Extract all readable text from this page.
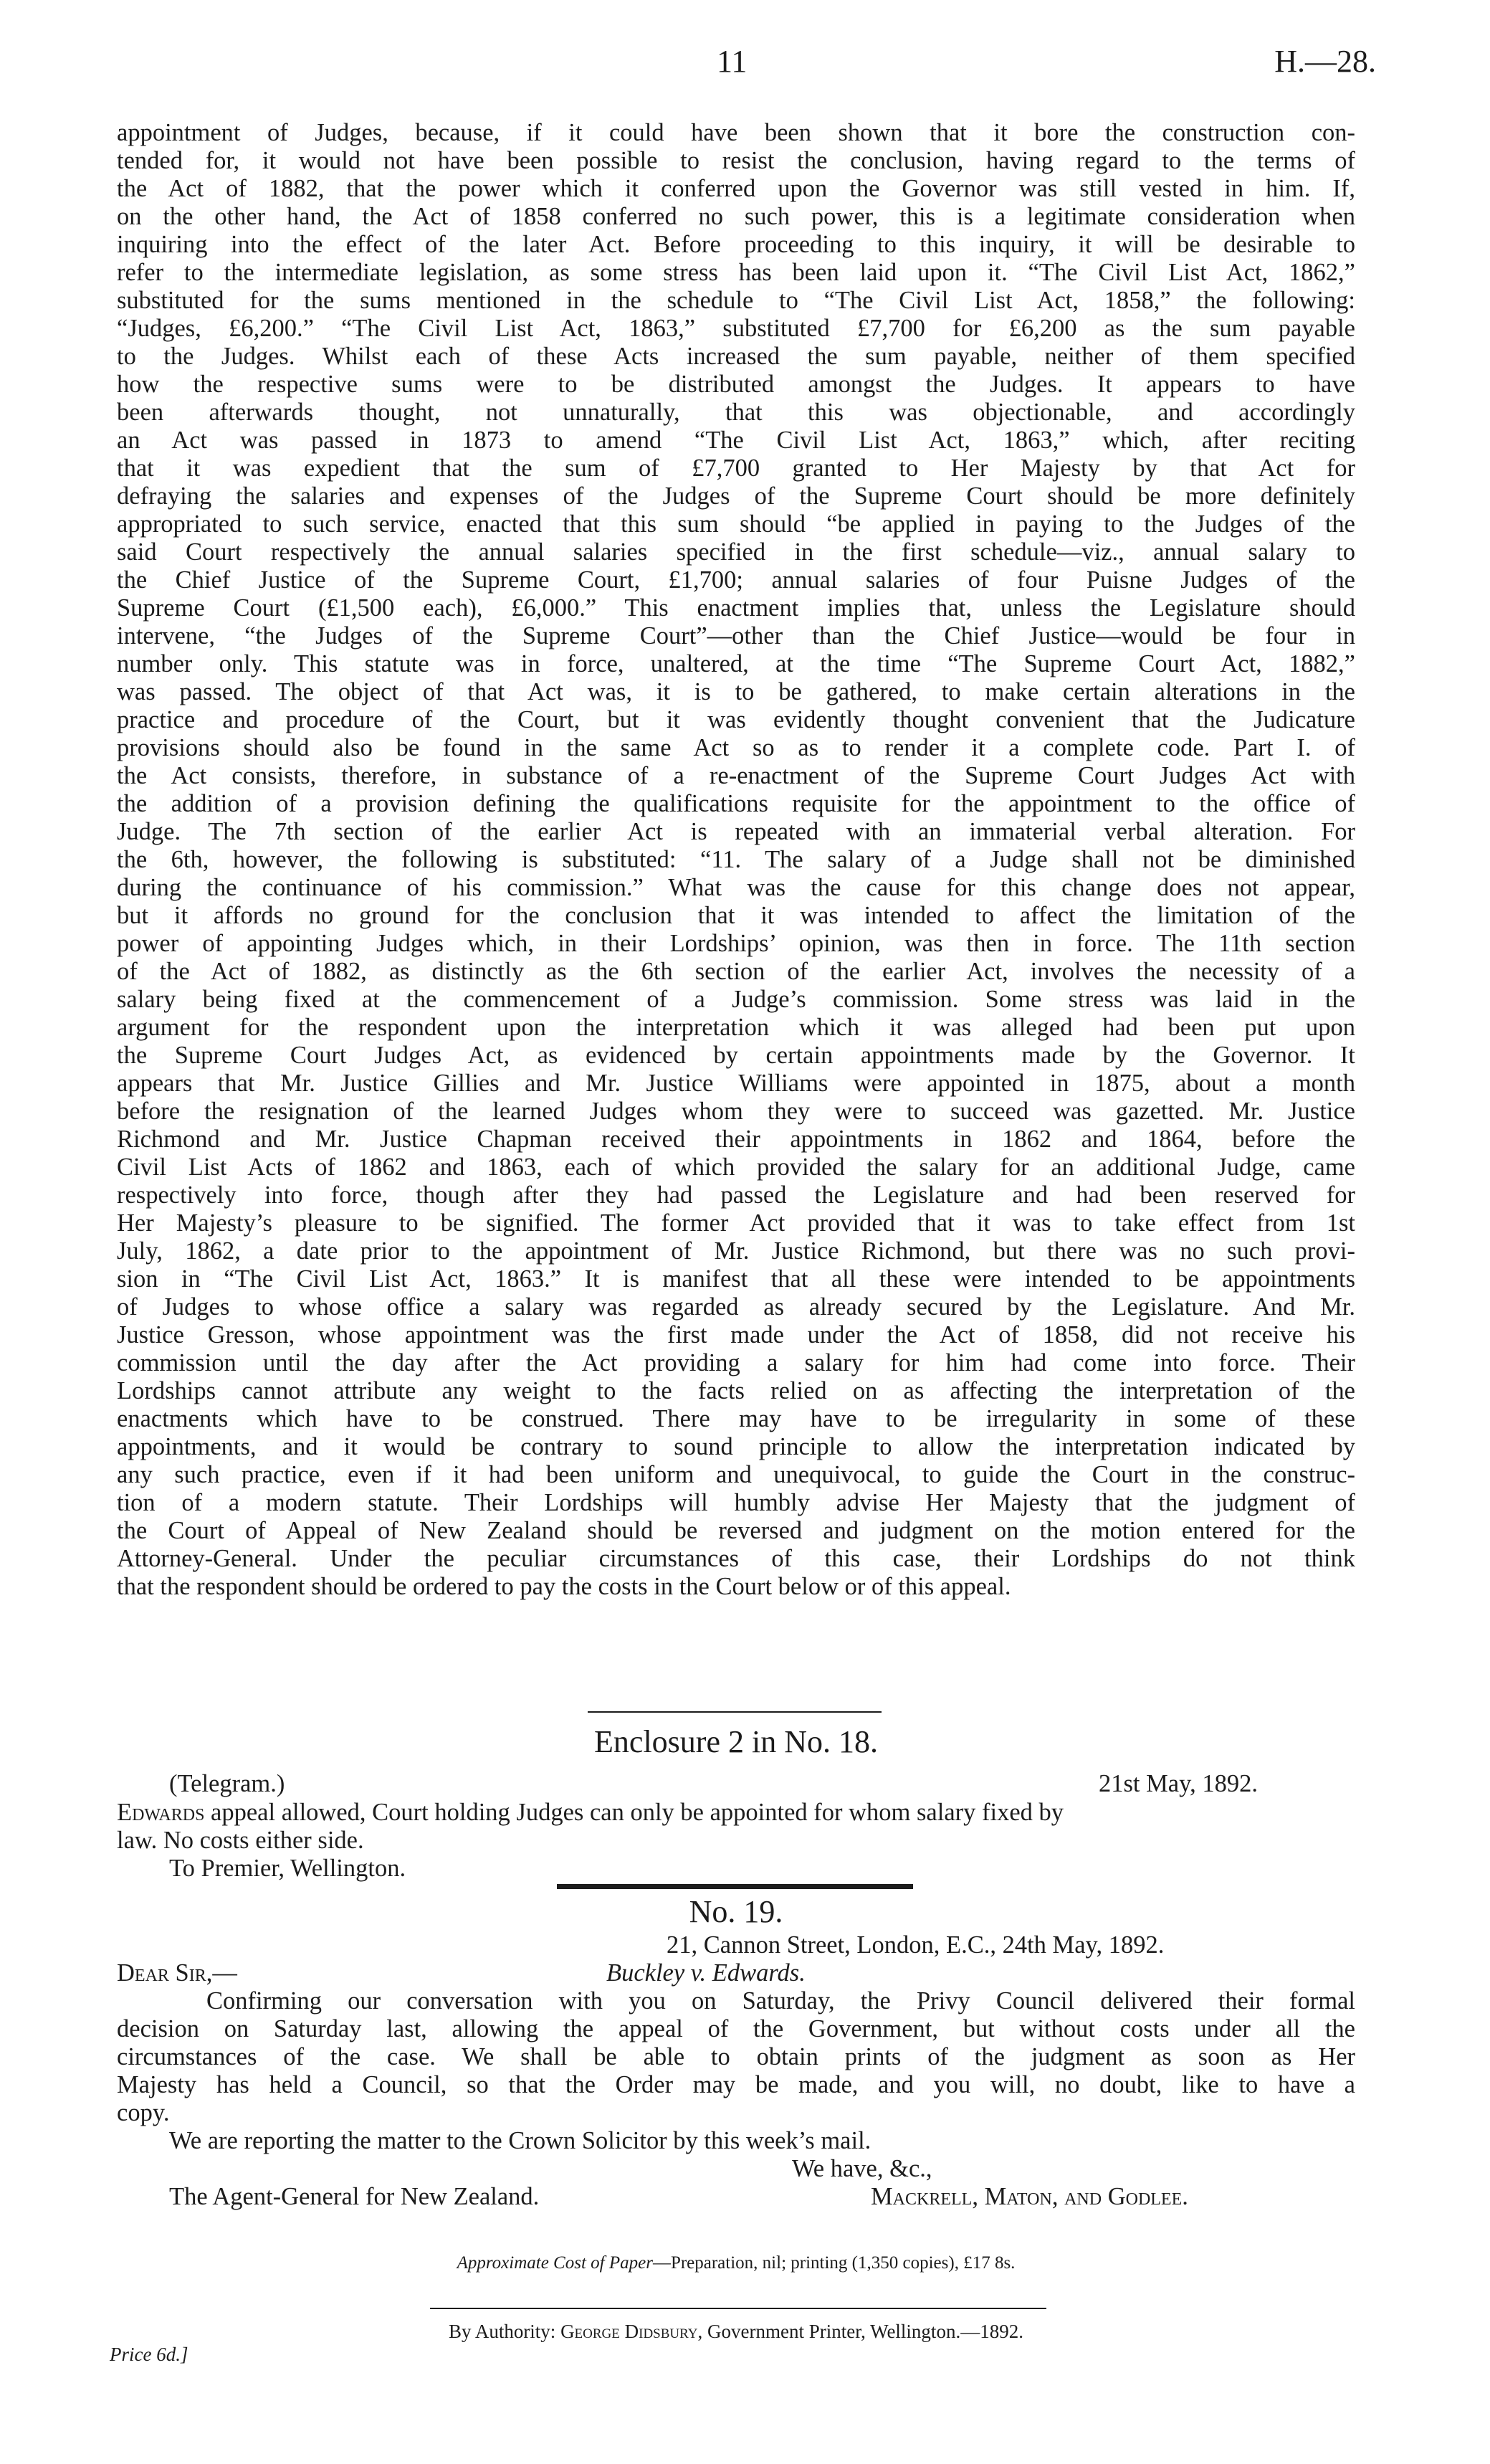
11	H.—28.
appointment of Judges, because, if it could have been shown that it bore the construction con-
tended for, it would not have been possible to resist the conclusion, having regard to the terms of
the Act of 1882, that the power which it conferred upon the Governor was still vested in him. If,
on the other hand, the Act of 1858 conferred no such power, this is a legitimate consideration when
inquiring into the effect of the later Act. Before proceeding to this inquiry, it will be desirable to
refer to the intermediate legislation, as some stress has been laid upon it. “The Civil List Act, 1862,”
substituted for the sums mentioned in the schedule to “The Civil List Act, 1858,” the following:
“Judges, £6,200.” “The Civil List Act, 1863,” substituted £7,700 for £6,200 as the sum payable
to the Judges. Whilst each of these Acts increased the sum payable, neither of them specified
how the respective sums were to be distributed amongst the Judges. It appears to have
been afterwards thought, not unnaturally, that this was objectionable, and accordingly
an Act was passed in 1873 to amend “The Civil List Act, 1863,” which, after reciting
that it was expedient that the sum of £7,700 granted to Her Majesty by that Act for
defraying the salaries and expenses of the Judges of the Supreme Court should be more definitely
appropriated to such service, enacted that this sum should “be applied in paying to the Judges of the
said Court respectively the annual salaries specified in the first schedule—viz., annual salary to
the Chief Justice of the Supreme Court, £1,700; annual salaries of four Puisne Judges of the
Supreme Court (£1,500 each), £6,000.” This enactment implies that, unless the Legislature should
intervene, “the Judges of the Supreme Court”—other than the Chief Justice—would be four in
number only. This statute was in force, unaltered, at the time “The Supreme Court Act, 1882,”
was passed. The object of that Act was, it is to be gathered, to make certain alterations in the
practice and procedure of the Court, but it was evidently thought convenient that the Judicature
provisions should also be found in the same Act so as to render it a complete code. Part I. of
the Act consists, therefore, in substance of a re-enactment of the Supreme Court Judges Act with
the addition of a provision defining the qualifications requisite for the appointment to the office of
Judge. The 7th section of the earlier Act is repeated with an immaterial verbal alteration. For
the 6th, however, the following is substituted: “11. The salary of a Judge shall not be diminished
during the continuance of his commission.” What was the cause for this change does not appear,
but it affords no ground for the conclusion that it was intended to affect the limitation of the
power of appointing Judges which, in their Lordships’ opinion, was then in force. The 11th section
of the Act of 1882, as distinctly as the 6th section of the earlier Act, involves the necessity of a
salary being fixed at the commencement of a Judge’s commission. Some stress was laid in the
argument for the respondent upon the interpretation which it was alleged had been put upon
the Supreme Court Judges Act, as evidenced by certain appointments made by the Governor. It
appears that Mr. Justice Gillies and Mr. Justice Williams were appointed in 1875, about a month
before the resignation of the learned Judges whom they were to succeed was gazetted. Mr. Justice
Richmond and Mr. Justice Chapman received their appointments in 1862 and 1864, before the
Civil List Acts of 1862 and 1863, each of which provided the salary for an additional Judge, came
respectively into force, though after they had passed the Legislature and had been reserved for
Her Majesty’s pleasure to be signified. The former Act provided that it was to take effect from 1st
July, 1862, a date prior to the appointment of Mr. Justice Richmond, but there was no such provi-
sion in “The Civil List Act, 1863.” It is manifest that all these were intended to be appointments
of Judges to whose office a salary was regarded as already secured by the Legislature. And Mr.
Justice Gresson, whose appointment was the first made under the Act of 1858, did not receive his
commission until the day after the Act providing a salary for him had come into force. Their
Lordships cannot attribute any weight to the facts relied on as affecting the interpretation of the
enactments which have to be construed. There may have to be irregularity in some of these
appointments, and it would be contrary to sound principle to allow the interpretation indicated by
any such practice, even if it had been uniform and unequivocal, to guide the Court in the construc-
tion of a modern statute. Their Lordships will humbly advise Her Majesty that the judgment of
the Court of Appeal of New Zealand should be reversed and judgment on the motion entered for the
Attorney-General. Under the peculiar circumstances of this case, their Lordships do not think
that the respondent should be ordered to pay the costs in the Court below or of this appeal.
Enclosure 2 in No. 18.
(Telegram.)	21st May, 1892.
Edwards appeal allowed, Court holding Judges can only be appointed for whom salary fixed by
law. No costs either side.
To Premier, Wellington.
No. 19.
21, Cannon Street, London, E.C., 24th May, 1892.
Dear Sir,—	Buckley v. Edwards.
Confirming our conversation with you on Saturday, the Privy Council delivered their formal
decision on Saturday last, allowing the appeal of the Government, but without costs under all the
circumstances of the case. We shall be able to obtain prints of the judgment as soon as Her
Majesty has held a Council, so that the Order may be made, and you will, no doubt, like to have a
copy.
We are reporting the matter to the Crown Solicitor by this week’s mail.
We have, &c.,
The Agent-General for New Zealand.	Mackrell, Maton, and Godlee.
Approximate Cost of Paper—Preparation, nil; printing (1,350 copies), £17 8s.
By Authority: George Didsbury, Government Printer, Wellington.—1892.
Price 6d.]
